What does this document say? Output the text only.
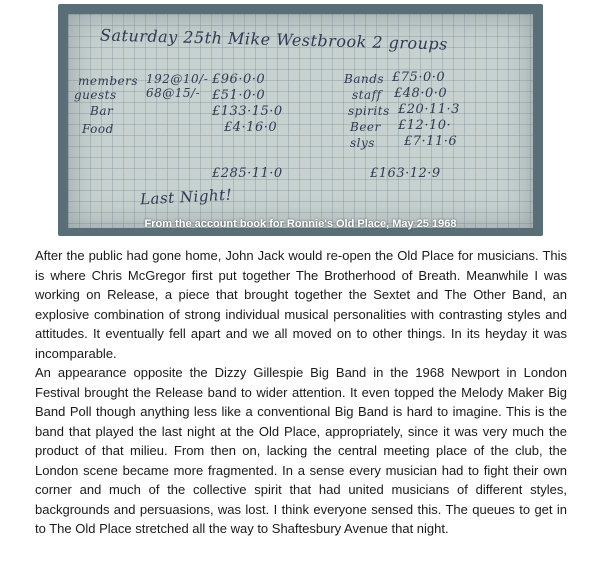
Saturday 25th Mike Westbrook 2 groups
members 192@10/- £96·0·0
guests 68@15/- £51·0·0
Bar	£133·15·0
Food	£4·16·0
Bands £75·0·0
staff £48·0·0
spirits £20·11·3
Beer £12·10·
slys £7·11·6
£285·11·0	£163·12·9
Last Night!
From the account book for Ronnie's Old Place, May 25 1968

After the public had gone home, John Jack would re-open the Old Place for musicians. This is where Chris McGregor first put together The Brotherhood of Breath. Meanwhile I was working on Release, a piece that brought together the Sextet and The Other Band, an explosive combination of strong individual musical personalities with contrasting styles and attitudes. It eventually fell apart and we all moved on to other things. In its heyday it was incomparable.

An appearance opposite the Dizzy Gillespie Big Band in the 1968 Newport in London Festival brought the Release band to wider attention. It even topped the Melody Maker Big Band Poll though anything less like a conventional Big Band is hard to imagine. This is the band that played the last night at the Old Place, appropriately, since it was very much the product of that milieu. From then on, lacking the central meeting place of the club, the London scene became more fragmented. In a sense every musician had to fight their own corner and much of the collective spirit that had united musicians of different styles, backgrounds and persuasions, was lost. I think everyone sensed this. The queues to get in to The Old Place stretched all the way to Shaftesbury Avenue that night.
